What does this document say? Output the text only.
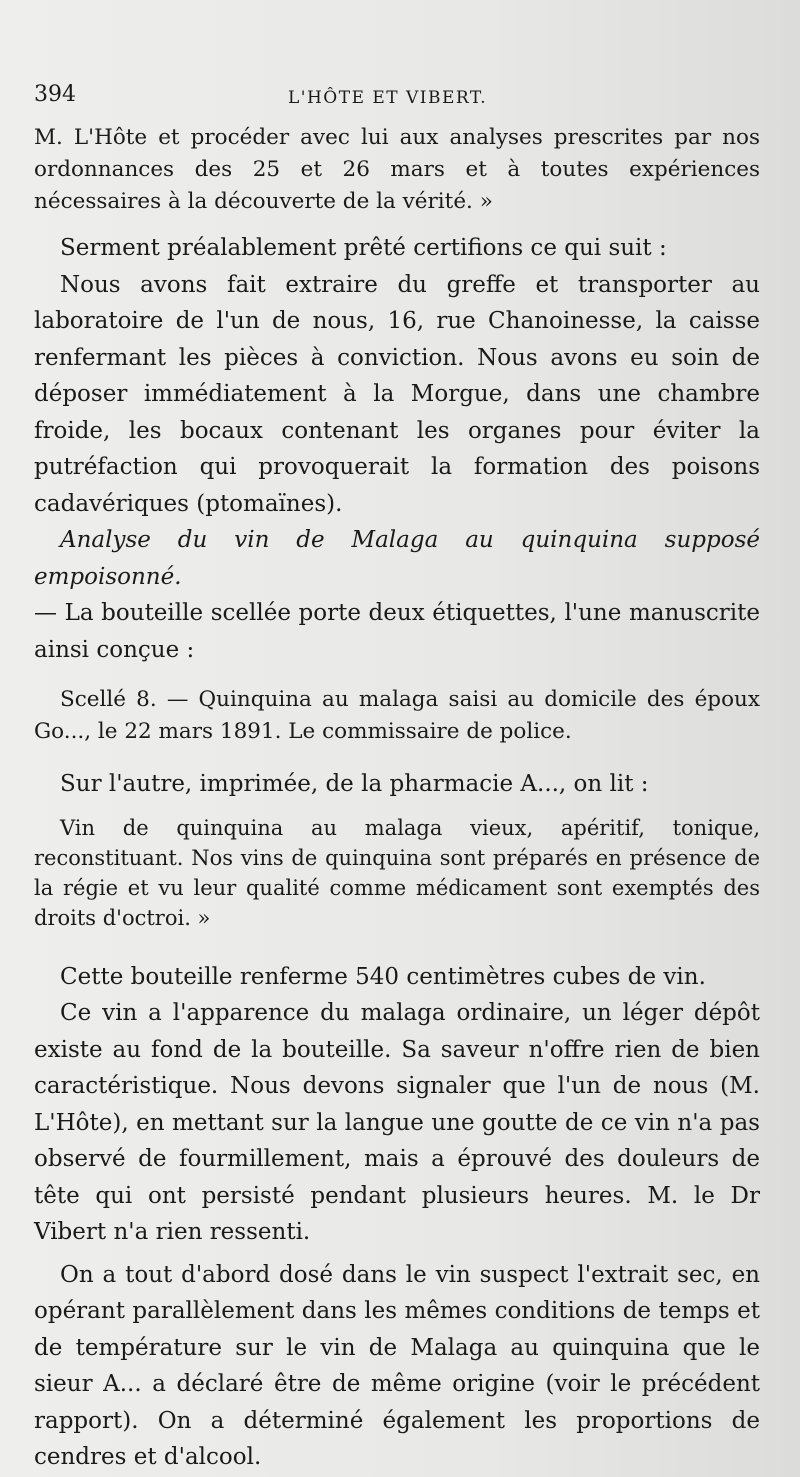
394	L'HÔTE ET VIBERT.

M. L'Hôte et procéder avec lui aux analyses prescrites par nos ordonnances des 25 et 26 mars et à toutes expériences nécessaires à la découverte de la vérité. »

Serment préalablement prêté certifions ce qui suit :

Nous avons fait extraire du greffe et transporter au laboratoire de l'un de nous, 16, rue Chanoinesse, la caisse renfermant les pièces à conviction. Nous avons eu soin de déposer immédiatement à la Morgue, dans une chambre froide, les bocaux contenant les organes pour éviter la putréfaction qui provoquerait la formation des poisons cadavériques (ptomaïnes).

Analyse du vin de Malaga au quinquina supposé empoisonné.

— La bouteille scellée porte deux étiquettes, l'une manuscrite ainsi conçue :

Scellé 8. — Quinquina au malaga saisi au domicile des époux Go..., le 22 mars 1891. Le commissaire de police.

Sur l'autre, imprimée, de la pharmacie A..., on lit :

Vin de quinquina au malaga vieux, apéritif, tonique, reconstituant. Nos vins de quinquina sont préparés en présence de la régie et vu leur qualité comme médicament sont exemptés des droits d'octroi. »

Cette bouteille renferme 540 centimètres cubes de vin.

Ce vin a l'apparence du malaga ordinaire, un léger dépôt existe au fond de la bouteille. Sa saveur n'offre rien de bien caractéristique. Nous devons signaler que l'un de nous (M. L'Hôte), en mettant sur la langue une goutte de ce vin n'a pas observé de fourmillement, mais a éprouvé des douleurs de tête qui ont persisté pendant plusieurs heures. M. le Dr Vibert n'a rien ressenti.

On a tout d'abord dosé dans le vin suspect l'extrait sec, en opérant parallèlement dans les mêmes conditions de temps et de température sur le vin de Malaga au quinquina que le sieur A... a déclaré être de même origine (voir le précédent rapport). On a déterminé également les proportions de cendres et d'alcool.
